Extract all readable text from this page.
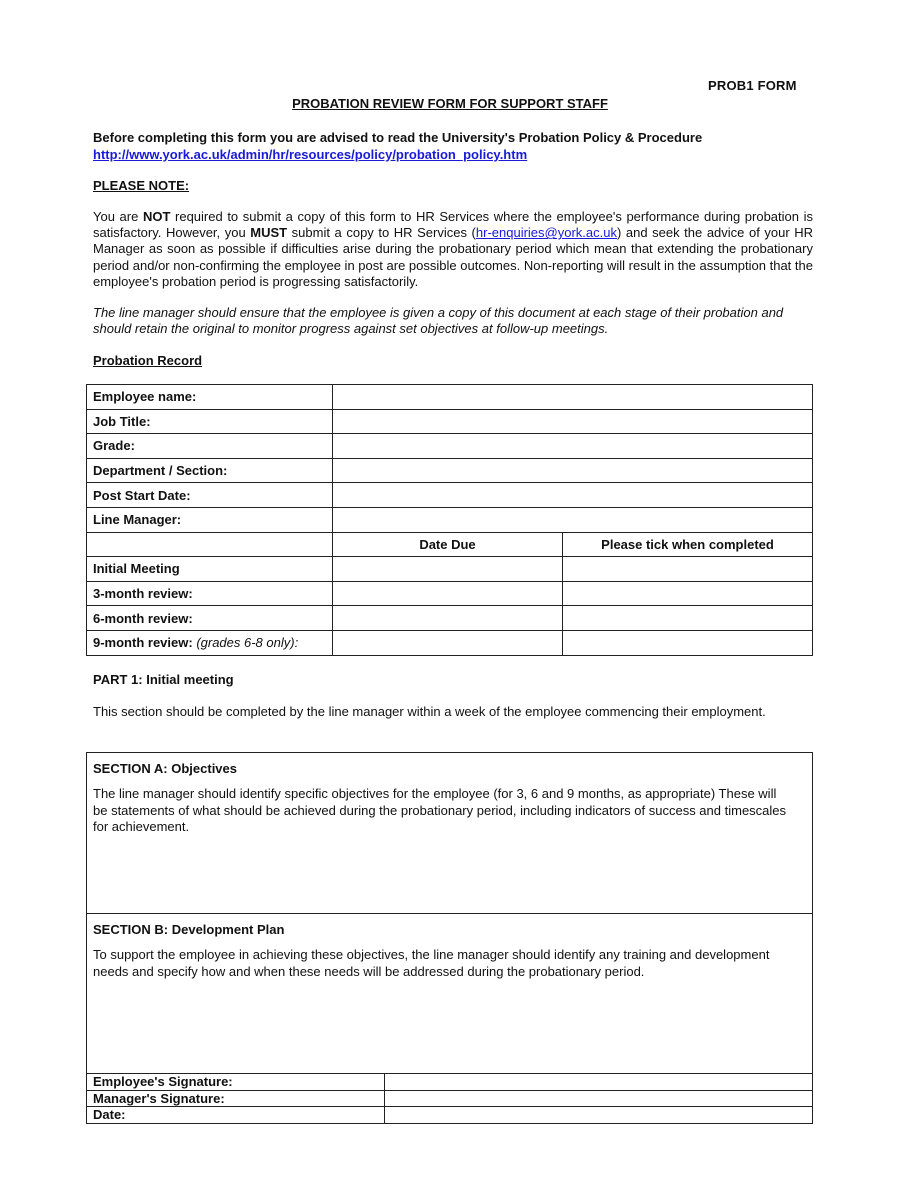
PROB1 FORM
PROBATION REVIEW FORM FOR SUPPORT STAFF
Before completing this form you are advised to read the University's Probation Policy & Procedure
http://www.york.ac.uk/admin/hr/resources/policy/probation_policy.htm
PLEASE NOTE:
You are NOT required to submit a copy of this form to HR Services where the employee's performance during probation is satisfactory. However, you MUST submit a copy to HR Services (hr-enquiries@york.ac.uk) and seek the advice of your HR Manager as soon as possible if difficulties arise during the probationary period which mean that extending the probationary period and/or non-confirming the employee in post are possible outcomes. Non-reporting will result in the assumption that the employee's probation period is progressing satisfactorily.
The line manager should ensure that the employee is given a copy of this document at each stage of their probation and should retain the original to monitor progress against set objectives at follow-up meetings.
Probation Record
Employee name:		
Job Title:		
Grade:		
Department / Section:		
Post Start Date:		
Line Manager:		
	Date Due	Please tick when completed
Initial Meeting		
3-month review:		
6-month review:		
9-month review: (grades 6-8 only):		
PART 1: Initial meeting
This section should be completed by the line manager within a week of the employee commencing their employment.
SECTION A: Objectives

The line manager should identify specific objectives for the employee (for 3, 6 and 9 months, as appropriate) These will be statements of what should be achieved during the probationary period, including indicators of success and timescales for achievement.

SECTION B: Development Plan

To support the employee in achieving these objectives, the line manager should identify any training and development needs and specify how and when these needs will be addressed during the probationary period.

Employee's Signature:	
Manager's Signature:	
Date:	
